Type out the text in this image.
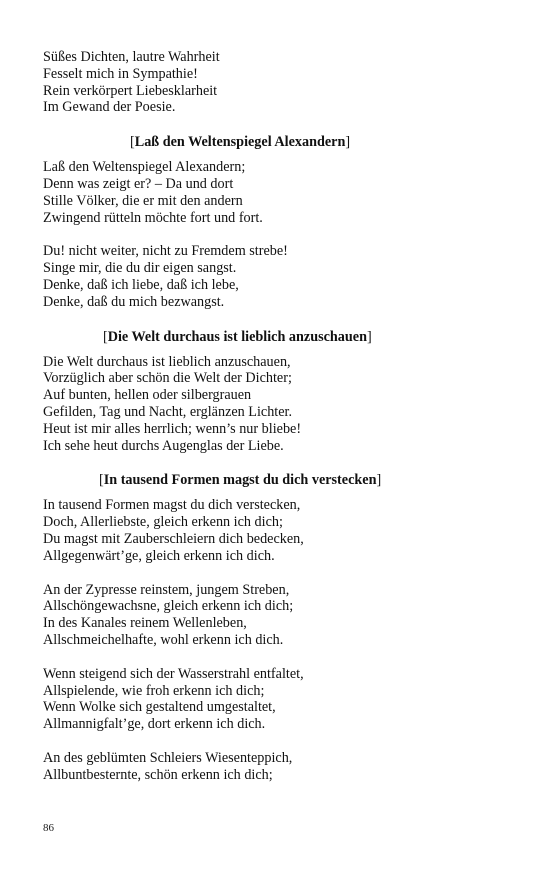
Süßes Dichten, lautre Wahrheit
Fesselt mich in Sympathie!
Rein verkörpert Liebesklarheit
Im Gewand der Poesie.
[Laß den Weltenspiegel Alexandern]
Laß den Weltenspiegel Alexandern;
Denn was zeigt er? – Da und dort
Stille Völker, die er mit den andern
Zwingend rütteln möchte fort und fort.
Du! nicht weiter, nicht zu Fremdem strebe!
Singe mir, die du dir eigen sangst.
Denke, daß ich liebe, daß ich lebe,
Denke, daß du mich bezwangst.
[Die Welt durchaus ist lieblich anzuschauen]
Die Welt durchaus ist lieblich anzuschauen,
Vorzüglich aber schön die Welt der Dichter;
Auf bunten, hellen oder silbergrauen
Gefilden, Tag und Nacht, erglänzen Lichter.
Heut ist mir alles herrlich; wenn’s nur bliebe!
Ich sehe heut durchs Augenglas der Liebe.
[In tausend Formen magst du dich verstecken]
In tausend Formen magst du dich verstecken,
Doch, Allerliebste, gleich erkenn ich dich;
Du magst mit Zauberschleiern dich bedecken,
Allgegenwärt’ge, gleich erkenn ich dich.
An der Zypresse reinstem, jungem Streben,
Allschöngewachsne, gleich erkenn ich dich;
In des Kanales reinem Wellenleben,
Allschmeichelhafte, wohl erkenn ich dich.
Wenn steigend sich der Wasserstrahl entfaltet,
Allspielende, wie froh erkenn ich dich;
Wenn Wolke sich gestaltend umgestaltet,
Allmannigfalt’ge, dort erkenn ich dich.
An des geblümten Schleiers Wiesenteppich,
Allbuntbesternte, schön erkenn ich dich;
86
